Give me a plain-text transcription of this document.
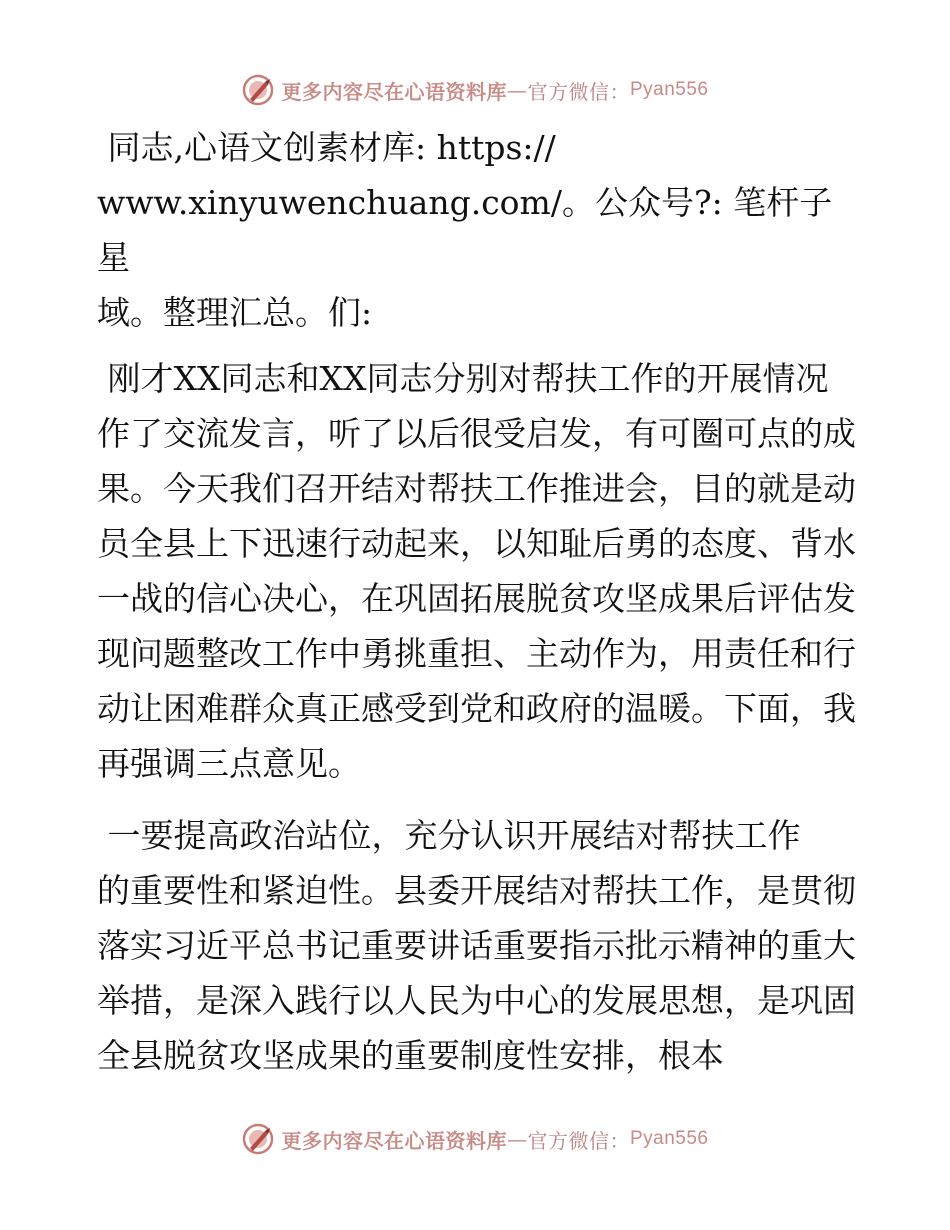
更多内容尽在心语资料库 — 官方微信： Pyan556

同志,心语文创素材库: https://
www.xinyuwenchuang.com/。公众号?: 笔杆子星
域。整理汇总。们:

刚才XX同志和XX同志分别对帮扶工作的开展情况作了交流发言，听了以后很受启发，有可圈可点的成果。今天我们召开结对帮扶工作推进会，目的就是动员全县上下迅速行动起来，以知耻后勇的态度、背水一战的信心决心，在巩固拓展脱贫攻坚成果后评估发现问题整改工作中勇挑重担、主动作为，用责任和行动让困难群众真正感受到党和政府的温暖。下面，我再强调三点意见。

一要提高政治站位，充分认识开展结对帮扶工作
的重要性和紧迫性。县委开展结对帮扶工作，是贯彻落实习近平总书记重要讲话重要指示批示精神的重大举措，是深入践行以人民为中心的发展思想，是巩固全县脱贫攻坚成果的重要制度性安排，根本

更多内容尽在心语资料库 — 官方微信： Pyan556
